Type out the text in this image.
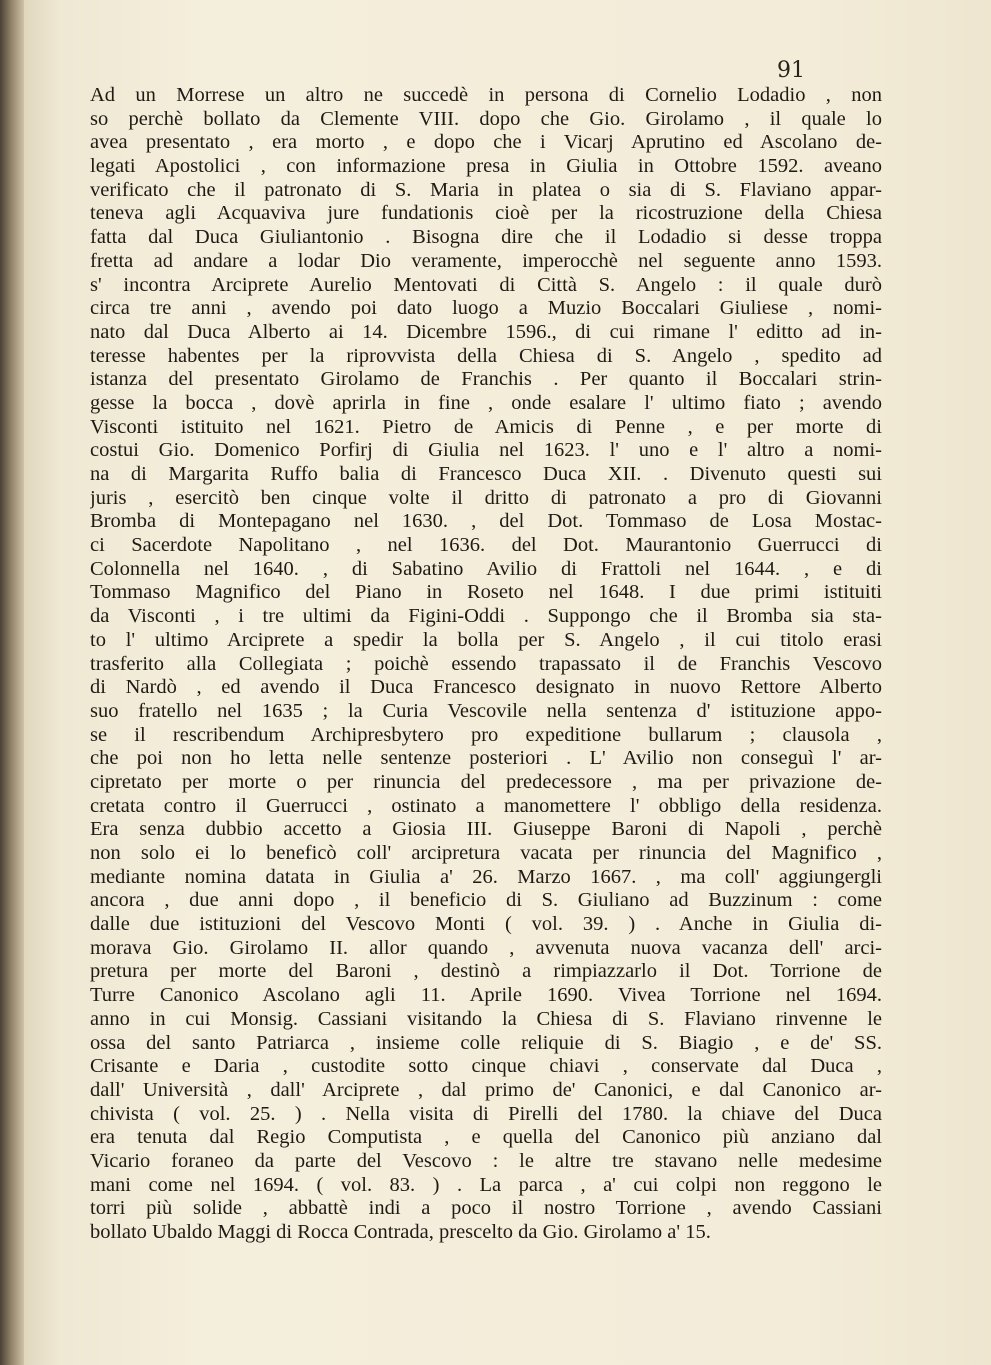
91
Ad un Morrese un altro ne succedè in persona di Cornelio Lodadio , non
so perchè bollato da Clemente VIII. dopo che Gio. Girolamo , il quale lo
avea presentato , era morto , e dopo che i Vicarj Aprutino ed Ascolano de-
legati Apostolici , con informazione presa in Giulia in Ottobre 1592. aveano
verificato che il patronato di S. Maria in platea o sia di S. Flaviano appar-
teneva agli Acquaviva jure fundationis cioè per la ricostruzione della Chiesa
fatta dal Duca Giuliantonio . Bisogna dire che il Lodadio si desse troppa
fretta ad andare a lodar Dio veramente, imperocchè nel seguente anno 1593.
s' incontra Arciprete Aurelio Mentovati di Città S. Angelo : il quale durò
circa tre anni , avendo poi dato luogo a Muzio Boccalari Giuliese , nomi-
nato dal Duca Alberto ai 14. Dicembre 1596., di cui rimane l' editto ad in-
teresse habentes per la riprovvista della Chiesa di S. Angelo , spedito ad
istanza del presentato Girolamo de Franchis . Per quanto il Boccalari strin-
gesse la bocca , dovè aprirla in fine , onde esalare l' ultimo fiato ; avendo
Visconti istituito nel 1621. Pietro de Amicis di Penne , e per morte di
costui Gio. Domenico Porfirj di Giulia nel 1623. l' uno e l' altro a nomi-
na di Margarita Ruffo balia di Francesco Duca XII. . Divenuto questi sui
juris , esercitò ben cinque volte il dritto di patronato a pro di Giovanni
Bromba di Montepagano nel 1630. , del Dot. Tommaso de Losa Mostac-
ci Sacerdote Napolitano , nel 1636. del Dot. Maurantonio Guerrucci di
Colonnella nel 1640. , di Sabatino Avilio di Frattoli nel 1644. , e di
Tommaso Magnifico del Piano in Roseto nel 1648. I due primi istituiti
da Visconti , i tre ultimi da Figini-Oddi . Suppongo che il Bromba sia sta-
to l' ultimo Arciprete a spedir la bolla per S. Angelo , il cui titolo erasi
trasferito alla Collegiata ; poichè essendo trapassato il de Franchis Vescovo
di Nardò , ed avendo il Duca Francesco designato in nuovo Rettore Alberto
suo fratello nel 1635 ; la Curia Vescovile nella sentenza d' istituzione appo-
se il rescribendum Archipresbytero pro expeditione bullarum ; clausola ,
che poi non ho letta nelle sentenze posteriori . L' Avilio non conseguì l' ar-
cipretato per morte o per rinuncia del predecessore , ma per privazione de-
cretata contro il Guerrucci , ostinato a manomettere l' obbligo della residenza.
Era senza dubbio accetto a Giosia III. Giuseppe Baroni di Napoli , perchè
non solo ei lo beneficò coll' arcipretura vacata per rinuncia del Magnifico ,
mediante nomina datata in Giulia a' 26. Marzo 1667. , ma coll' aggiungergli
ancora , due anni dopo , il beneficio di S. Giuliano ad Buzzinum : come
dalle due istituzioni del Vescovo Monti ( vol. 39. ) . Anche in Giulia di-
morava Gio. Girolamo II. allor quando , avvenuta nuova vacanza dell' arci-
pretura per morte del Baroni , destinò a rimpiazzarlo il Dot. Torrione de
Turre Canonico Ascolano agli 11. Aprile 1690. Vivea Torrione nel 1694.
anno in cui Monsig. Cassiani visitando la Chiesa di S. Flaviano rinvenne le
ossa del santo Patriarca , insieme colle reliquie di S. Biagio , e de' SS.
Crisante e Daria , custodite sotto cinque chiavi , conservate dal Duca ,
dall' Università , dall' Arciprete , dal primo de' Canonici, e dal Canonico ar-
chivista ( vol. 25. ) . Nella visita di Pirelli del 1780. la chiave del Duca
era tenuta dal Regio Computista , e quella del Canonico più anziano dal
Vicario foraneo da parte del Vescovo : le altre tre stavano nelle medesime
mani come nel 1694. ( vol. 83. ) . La parca , a' cui colpi non reggono le
torri più solide , abbattè indi a poco il nostro Torrione , avendo Cassiani
bollato Ubaldo Maggi di Rocca Contrada, prescelto da Gio. Girolamo a' 15.
